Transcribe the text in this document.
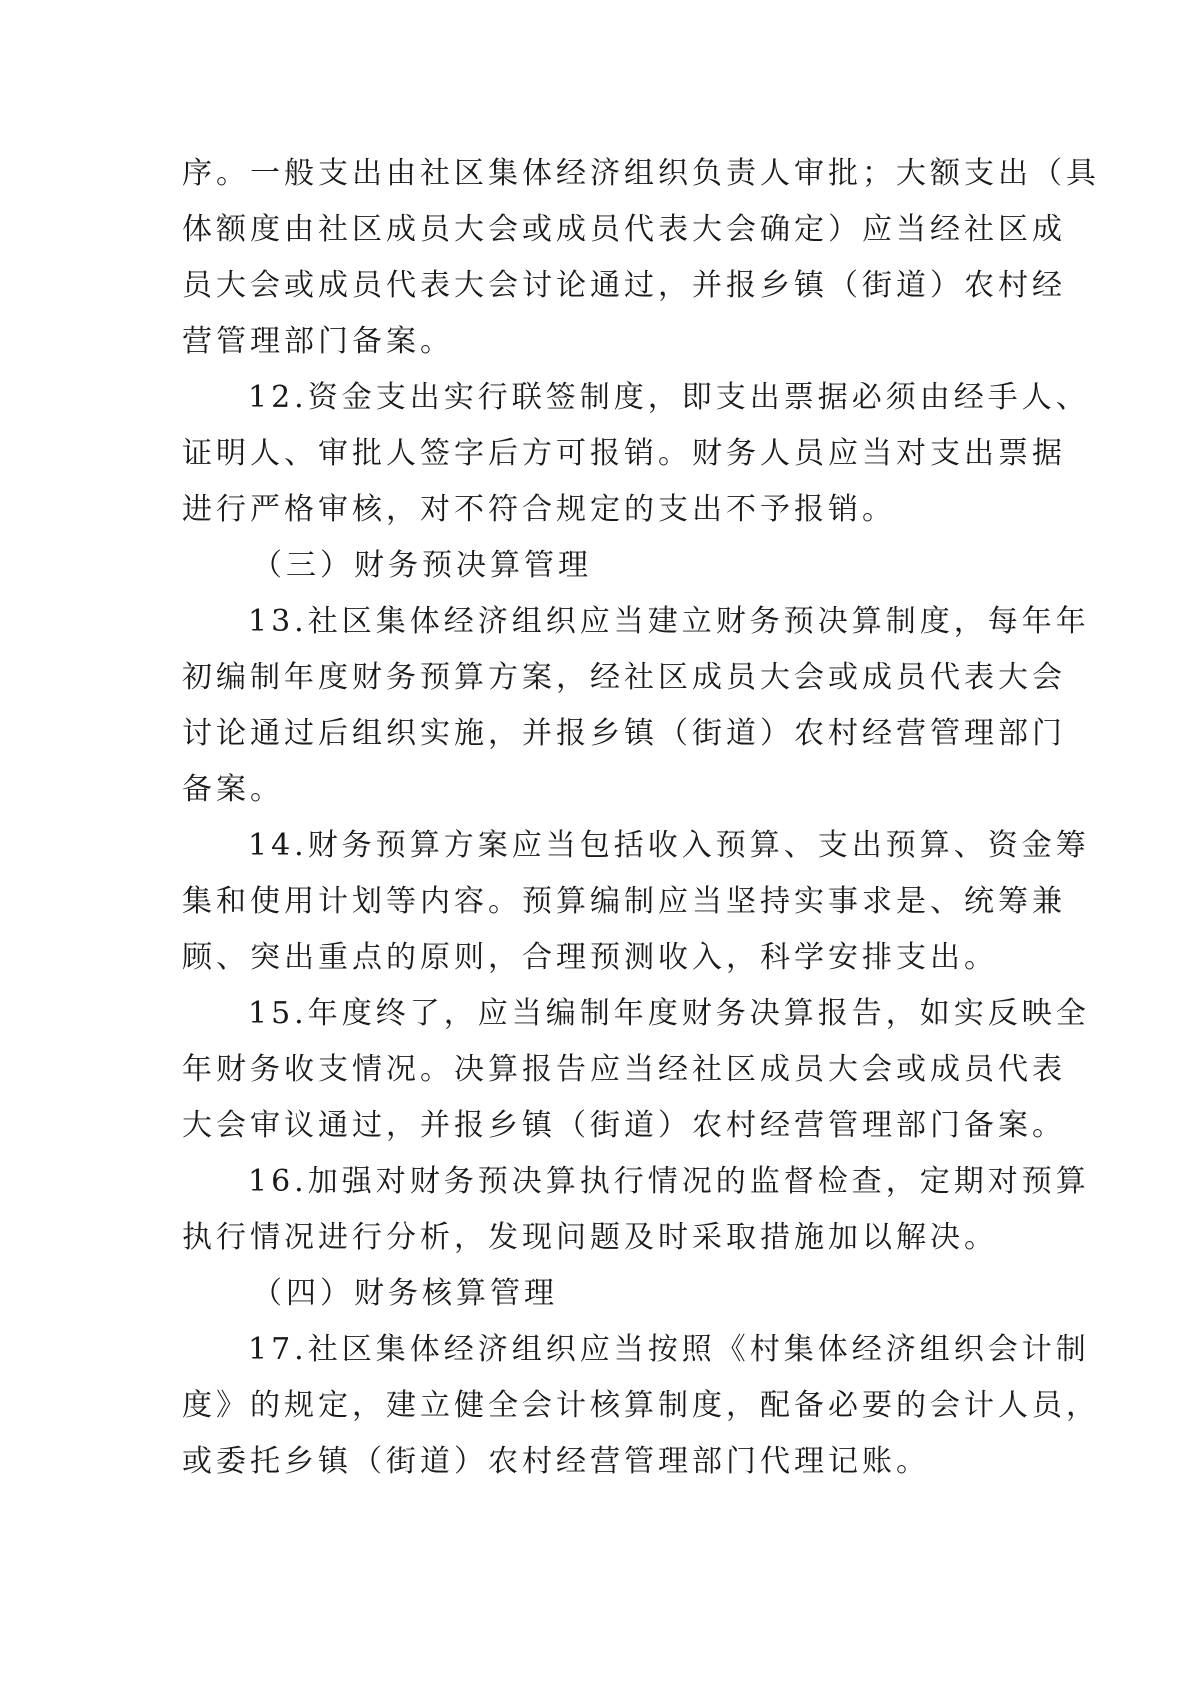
序。一般支出由社区集体经济组织负责人审批；大额支出（具
体额度由社区成员大会或成员代表大会确定）应当经社区成
员大会或成员代表大会讨论通过，并报乡镇（街道）农村经
营管理部门备案。
12.资金支出实行联签制度，即支出票据必须由经手人、
证明人、审批人签字后方可报销。财务人员应当对支出票据
进行严格审核，对不符合规定的支出不予报销。
（三）财务预决算管理
13.社区集体经济组织应当建立财务预决算制度，每年年
初编制年度财务预算方案，经社区成员大会或成员代表大会
讨论通过后组织实施，并报乡镇（街道）农村经营管理部门
备案。
14.财务预算方案应当包括收入预算、支出预算、资金筹
集和使用计划等内容。预算编制应当坚持实事求是、统筹兼
顾、突出重点的原则，合理预测收入，科学安排支出。
15.年度终了，应当编制年度财务决算报告，如实反映全
年财务收支情况。决算报告应当经社区成员大会或成员代表
大会审议通过，并报乡镇（街道）农村经营管理部门备案。
16.加强对财务预决算执行情况的监督检查，定期对预算
执行情况进行分析，发现问题及时采取措施加以解决。
（四）财务核算管理
17.社区集体经济组织应当按照《村集体经济组织会计制
度》的规定，建立健全会计核算制度，配备必要的会计人员，
或委托乡镇（街道）农村经营管理部门代理记账。
